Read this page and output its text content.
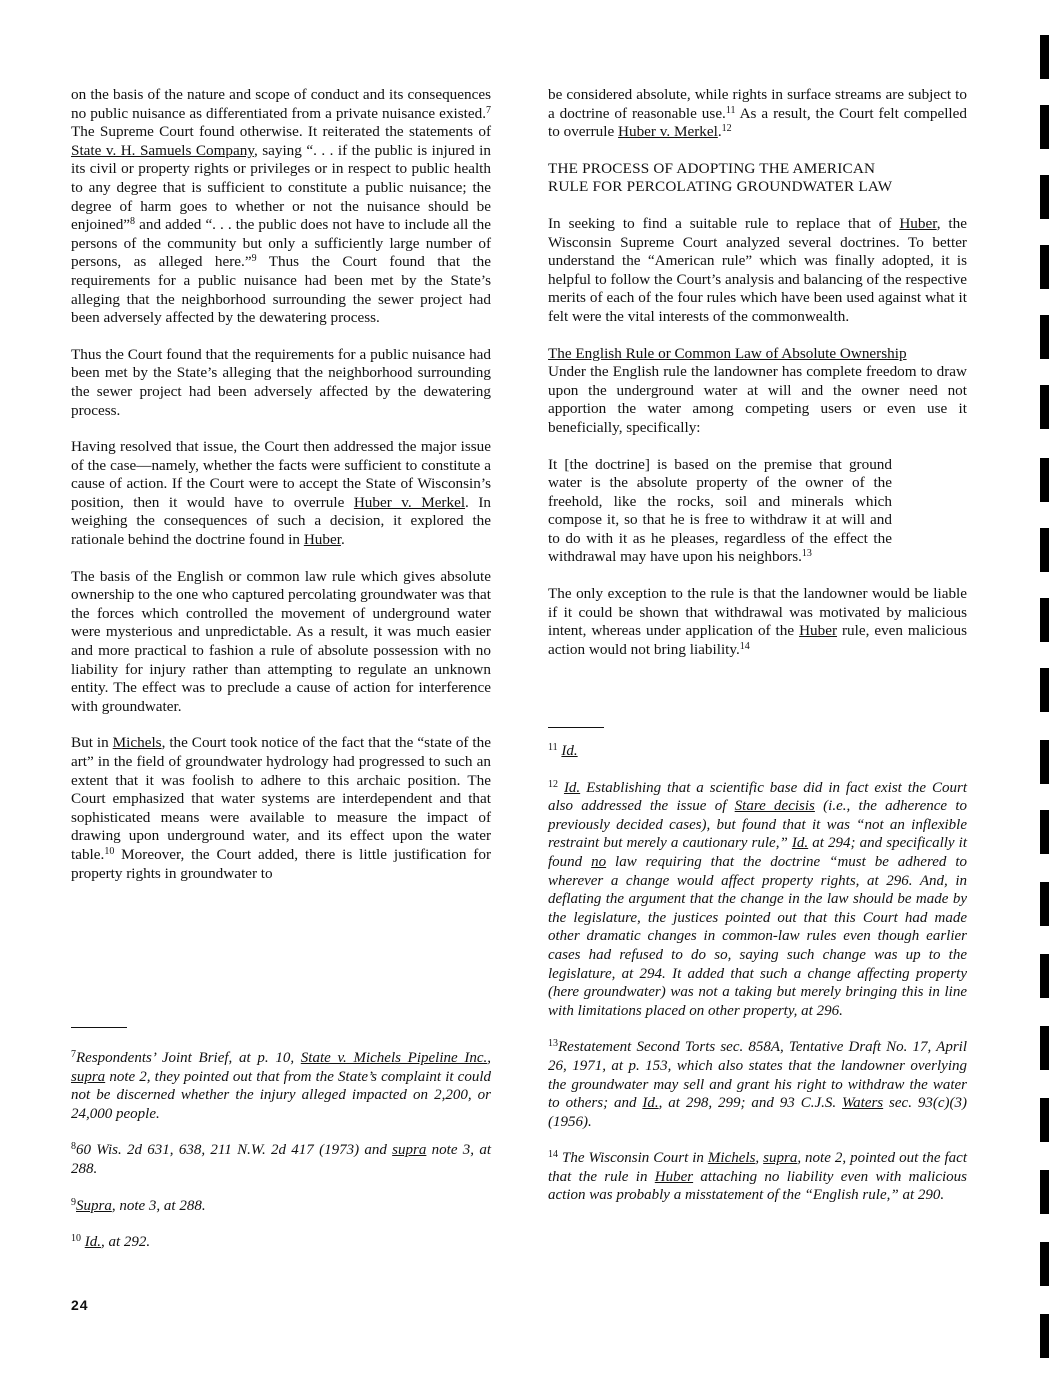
on the basis of the nature and scope of conduct and its consequences no public nuisance as differentiated from a private nuisance existed.$^7$ The Supreme Court found otherwise. It reiterated the statements of State v. H. Samuels Company, saying “. . . if the public is injured in its civil or property rights or privileges or in respect to public health to any degree that is sufficient to constitute a public nuisance; the degree of harm goes to whether or not the nuisance should be enjoined”$^8$ and added “. . . the public does not have to include all the persons of the community but only a sufficiently large number of persons, as alleged here.”$^9$ Thus the Court found that the requirements for a public nuisance had been met by the State’s alleging that the neighborhood surrounding the sewer project had been adversely affected by the dewatering process.

Thus the Court found that the requirements for a public nuisance had been met by the State’s alleging that the neighborhood surrounding the sewer project had been adversely affected by the dewatering process.

Having resolved that issue, the Court then addressed the major issue of the case—namely, whether the facts were sufficient to constitute a cause of action. If the Court were to accept the State of Wisconsin’s position, then it would have to overrule Huber v. Merkel. In weighing the consequences of such a decision, it explored the rationale behind the doctrine found in Huber.

The basis of the English or common law rule which gives absolute ownership to the one who captured percolating groundwater was that the forces which controlled the movement of underground water were mysterious and unpredictable. As a result, it was much easier and more practical to fashion a rule of absolute possession with no liability for injury rather than attempting to regulate an unknown entity. The effect was to preclude a cause of action for interference with groundwater.

But in Michels, the Court took notice of the fact that the “state of the art” in the field of groundwater hydrology had progressed to such an extent that it was foolish to adhere to this archaic position. The Court emphasized that water systems are interdependent and that sophisticated means were available to measure the impact of drawing upon underground water, and its effect upon the water table.$^{10}$ Moreover, the Court added, there is little justification for property rights in groundwater to

$^7$Respondents’ Joint Brief, at p. 10, State v. Michels Pipeline Inc., supra note 2, they pointed out that from the State’s complaint it could not be discerned whether the injury alleged impacted on 2,200, or 24,000 people.

$^8$60 Wis. 2d 631, 638, 211 N.W. 2d 417 (1973) and supra note 3, at 288.

$^9$Supra, note 3, at 288.

$^{10}$ Id., at 292.

be considered absolute, while rights in surface streams are subject to a doctrine of reasonable use.$^{11}$ As a result, the Court felt compelled to overrule Huber v. Merkel.$^{12}$

THE PROCESS OF ADOPTING THE AMERICAN
RULE FOR PERCOLATING GROUNDWATER LAW

In seeking to find a suitable rule to replace that of Huber, the Wisconsin Supreme Court analyzed several doctrines. To better understand the “American rule” which was finally adopted, it is helpful to follow the Court’s analysis and balancing of the respective merits of each of the four rules which have been used against what it felt were the vital interests of the commonwealth.

The English Rule or Common Law of Absolute Ownership

Under the English rule the landowner has complete freedom to draw upon the underground water at will and the owner need not apportion the water among competing users or even use it beneficially, specifically:

It [the doctrine] is based on the premise that ground water is the absolute property of the owner of the freehold, like the rocks, soil and minerals which compose it, so that he is free to withdraw it at will and to do with it as he pleases, regardless of the effect the withdrawal may have upon his neighbors.$^{13}$

The only exception to the rule is that the landowner would be liable if it could be shown that withdrawal was motivated by malicious intent, whereas under application of the Huber rule, even malicious action would not bring liability.$^{14}$

$^{11}$ Id.

$^{12}$ Id. Establishing that a scientific base did in fact exist the Court also addressed the issue of Stare decisis (i.e., the adherence to previously decided cases), but found that it was “not an inflexible restraint but merely a cautionary rule,” Id. at 294; and specifically it found no law requiring that the doctrine “must be adhered to wherever a change would affect property rights, at 296. And, in deflating the argument that the change in the law should be made by the legislature, the justices pointed out that this Court had made other dramatic changes in common-law rules even though earlier cases had refused to do so, saying such change was up to the legislature, at 294. It added that such a change affecting property (here groundwater) was not a taking but merely bringing this in line with limitations placed on other property, at 296.

$^{13}$Restatement Second Torts sec. 858A, Tentative Draft No. 17, April 26, 1971, at p. 153, which also states that the landowner overlying the groundwater may sell and grant his right to withdraw the water to others; and Id., at 298, 299; and 93 C.J.S. Waters sec. 93(c)(3) (1956).

$^{14}$ The Wisconsin Court in Michels, supra, note 2, pointed out the fact that the rule in Huber attaching no liability even with malicious action was probably a misstatement of the “English rule,” at 290.

24
